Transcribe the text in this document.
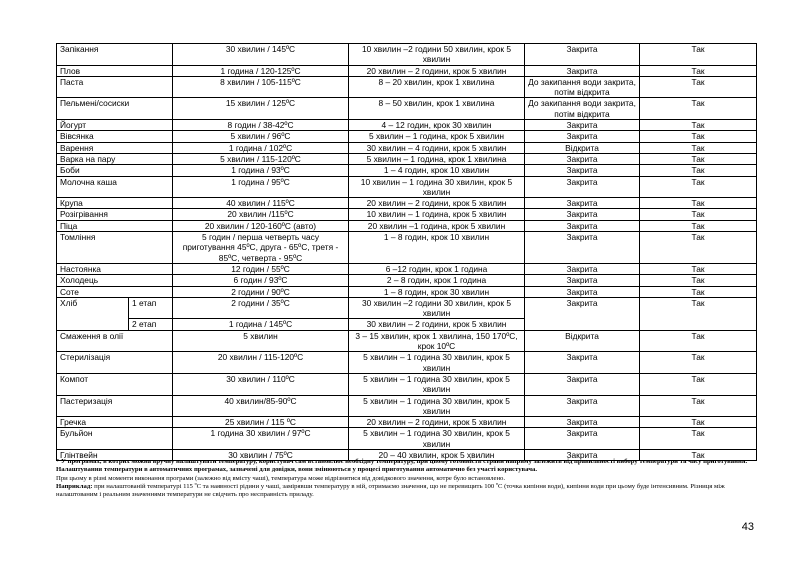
Запікання		30 хвилин / 145ºC	10 хвилин –2 години 50 хвилин, крок 5 хвилин	Закрита	Так
Плов		1 година / 120-125ºC	20 хвилин – 2 години, крок 5 хвилин	Закрита	Так
Паста		8 хвилин / 105-115ºC	8 – 20 хвилин, крок 1 хвилина	До закипання води закрита, потім відкрита	Так
Пельмені/сосиски		15 хвилин / 125ºC	8 – 50 хвилин, крок 1 хвилина	До закипання води закрита, потім відкрита	Так
Йогурт		8 годин / 38-42ºC	4 – 12 годин, крок 30 хвилин	Закрита	Так
Вівсянка		5 хвилин / 96ºC	5 хвилин – 1 година, крок 5 хвилин	Закрита	Так
Варення		1 година / 102ºC	30 хвилин – 4 години, крок 5 хвилин	Відкрита	Так
Варка на пару		5 хвилин / 115-120ºC	5 хвилин – 1 година, крок 1 хвилина	Закрита	Так
Боби		1 година / 93ºC	1 – 4 годин, крок 10 хвилин	Закрита	Так
Молочна каша		1 година / 95ºC	10 хвилин – 1 година 30 хвилин, крок 5 хвилин	Закрита	Так
Крупа		40 хвилин / 115ºC	20 хвилин – 2 години, крок 5 хвилин	Закрита	Так
Розігрівання		20 хвилин /115ºC	10 хвилин – 1 година, крок 5 хвилин	Закрита	Так
Піца		20 хвилин / 120-160ºC (авто)	20 хвилин –1 година, крок 5 хвилин	Закрита	Так
Томління		5 годин / перша четверть часу приготування 45ºC, друга - 65ºC, третя - 85ºC, четверта - 95ºC	1 – 8 годин, крок 10 хвилин	Закрита	Так
Настоянка		12 годин / 55ºC	6 –12 годин, крок 1 година	Закрита	Так
Холодець		6 годин / 93ºC	2 – 8 годин, крок 1 година	Закрита	Так
Соте		2 години / 90ºC	1 – 8 годин, крок 30 хвилин	Закрита	Так
Хліб	1 етап	2 години / 35ºC	30 хвилин –2 години 30 хвилин, крок 5 хвилин	Закрита	Так
	2 етап	1 година / 145ºC	30 хвилин – 2 години, крок 5 хвилин		
Смаження в олії		5 хвилин	3 – 15 хвилин, крок 1 хвилина, 150 170ºC, крок 10ºC	Відкрита	Так
Стерилізація		20 хвилин / 115-120ºC	5 хвилин – 1 година 30 хвилин, крок 5 хвилин	Закрита	Так
Компот		30 хвилин / 110ºC	5 хвилин – 1 година 30 хвилин, крок 5 хвилин	Закрита	Так
Пастеризація		40 хвилин/85-90ºC	5 хвилин – 1 година 30 хвилин, крок 5 хвилин	Закрита	Так
Гречка		25 хвилин / 115 ºC	20 хвилин – 2 години, крок 5 хвилин	Закрита	Так
Бульйон		1 година 30 хвилин / 97ºC	5 хвилин – 1 година 30 хвилин, крок 5 хвилин	Закрита	Так
Глінтвейн		30 хвилин / 75ºC	20 – 40 хвилин, крок 5 хвилин	Закрита	Так

* У програмах, в котрих можна вручну налаштувати температуру, користувач сам встановлює необхідну температуру, при цьому готовність страви напряму залежить від правильності вибору температури та часу приготування.

Налаштування температури в автоматичних програмах, зазначені для довідки, вони змінюються у процесі приготування автоматично без участі користувача.

При цьому в різні моменти виконання програми (залежно від вмісту чаші), температура може відрізнятися від довідкового значення, котре було встановлено.

Наприклад: при налаштованій температурі 115 ºС та наявності рідини у чаші, замірявши температуру в ній, отримаємо значення, що не перевищить 100 ºС (точка кипіння води), кипіння води при цьому буде інтенсивним. Різниця між налаштованим і реальним значеннями температури не свідчить про несправність приладу.

43
